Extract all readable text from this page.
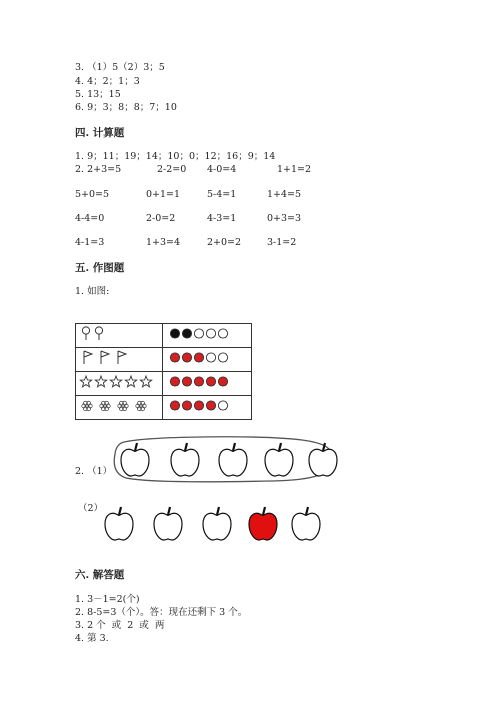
3. （1）5（2）3；5
4. 4；2；1；3
5. 13；15
6. 9；3；8；8；7；10
四. 计算题
1. 9；11；19；14；10；0；12；16；9；14
2. 2+3=5	2-2=0 4-0=4	1+1=2
5+0=5	0+1=1	5-4=1	1+4=5
4-4=0	2-0=2	4-3=1	0+3=3
4-1=3	1+3=4	2+0=2	3-1=2
五. 作图题
1. 如图:

2. （1）
（2）
六. 解答题
1. 3－1=2(个)
2. 8-5=3（个）。答：现在还剩下 3 个。
3. 2 个  或  2  或  两
4. 第 3.
